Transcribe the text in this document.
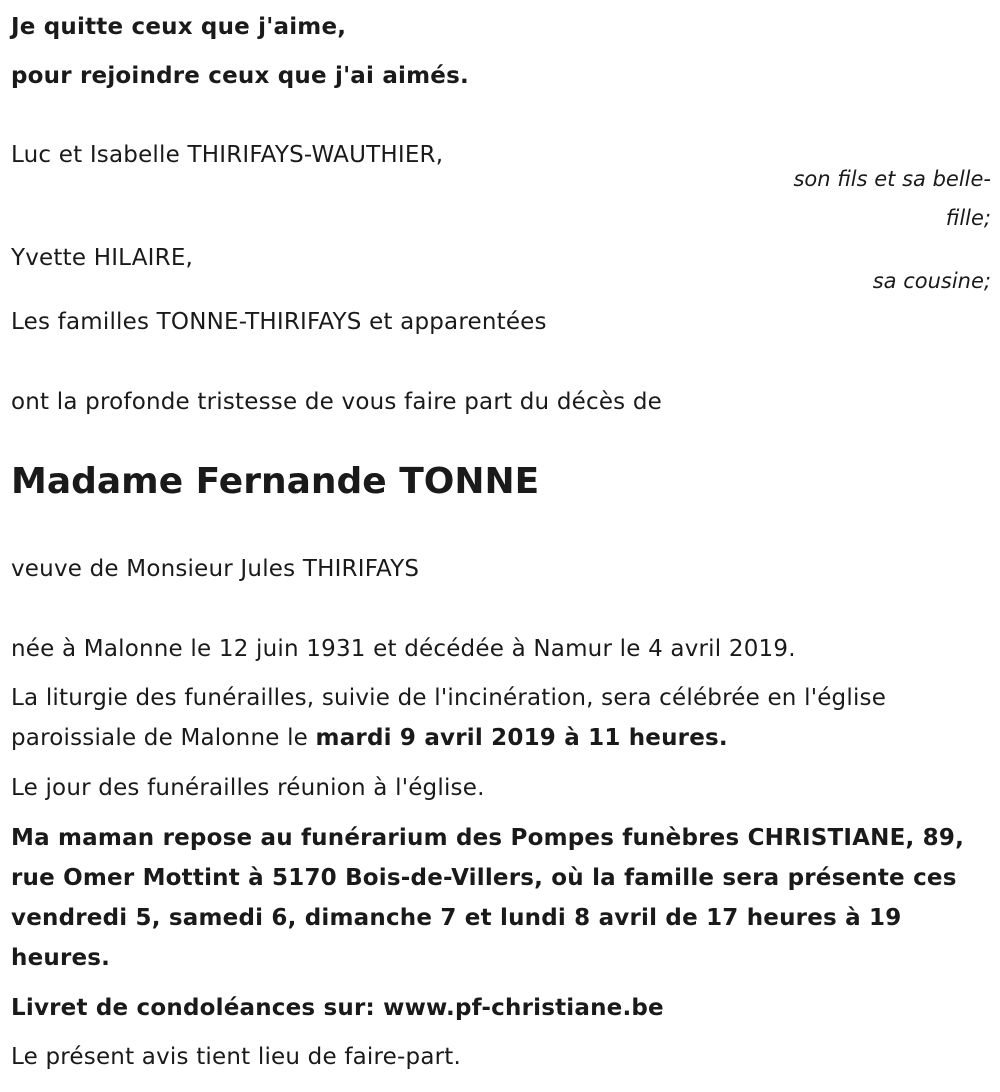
Je quitte ceux que j'aime,
pour rejoindre ceux que j'ai aimés.
Luc et Isabelle THIRIFAYS-WAUTHIER,
son fils et sa belle-
fille;
Yvette HILAIRE,
sa cousine;
Les familles TONNE-THIRIFAYS et apparentées
ont la profonde tristesse de vous faire part du décès de
Madame Fernande TONNE
veuve de Monsieur Jules THIRIFAYS
née à Malonne le 12 juin 1931 et décédée à Namur le 4 avril 2019.
La liturgie des funérailles, suivie de l'incinération, sera célébrée en l'église paroissiale de Malonne le mardi 9 avril 2019 à 11 heures.
Le jour des funérailles réunion à l'église.
Ma maman repose au funérarium des Pompes funèbres CHRISTIANE, 89, rue Omer Mottint à 5170 Bois-de-Villers, où la famille sera présente ces vendredi 5, samedi 6, dimanche 7 et lundi 8 avril de 17 heures à 19 heures.
Livret de condoléances sur: www.pf-christiane.be
Le présent avis tient lieu de faire-part.
